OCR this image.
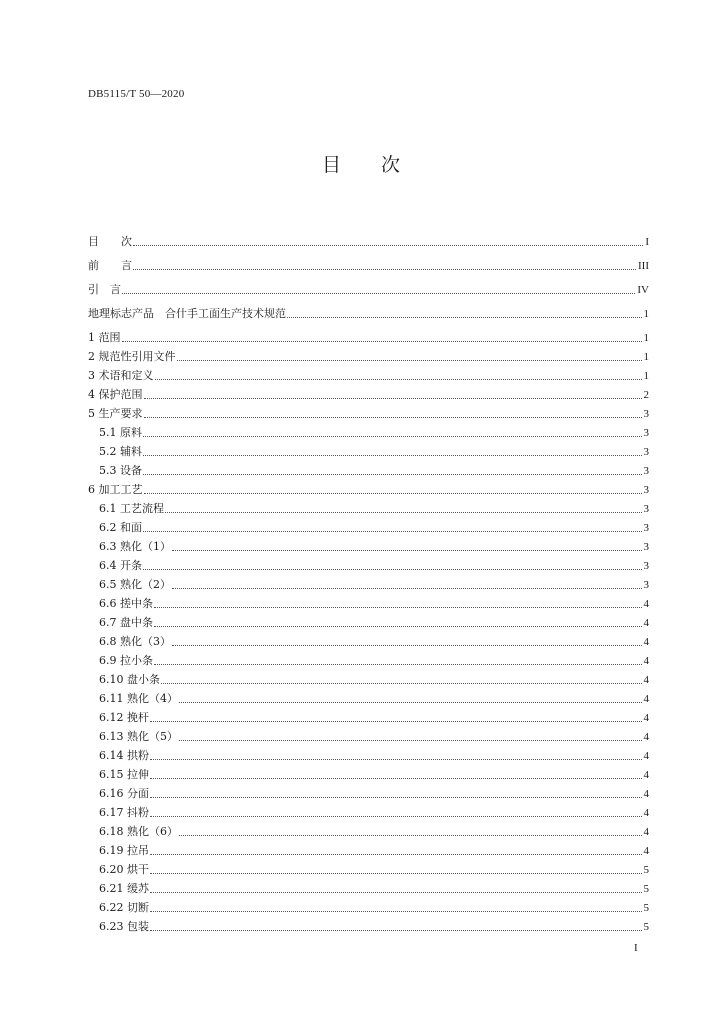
DB5115/T 50—2020
目 次
目　　次	I
前　　言	III
引　言	IV
地理标志产品　合什手工面生产技术规范	1
1 范围	1
2 规范性引用文件	1
3 术语和定义	1
4 保护范围	2
5 生产要求	3
5.1 原料	3
5.2 辅料	3
5.3 设备	3
6 加工工艺	3
6.1 工艺流程	3
6.2 和面	3
6.3 熟化（1）	3
6.4 开条	3
6.5 熟化（2）	3
6.6 搓中条	4
6.7 盘中条	4
6.8 熟化（3）	4
6.9 拉小条	4
6.10 盘小条	4
6.11 熟化（4）	4
6.12 挽杆	4
6.13 熟化（5）	4
6.14 拱粉	4
6.15 拉伸	4
6.16 分面	4
6.17 抖粉	4
6.18 熟化（6）	4
6.19 拉吊	4
6.20 烘干	5
6.21 缓苏	5
6.22 切断	5
6.23 包装	5
I
